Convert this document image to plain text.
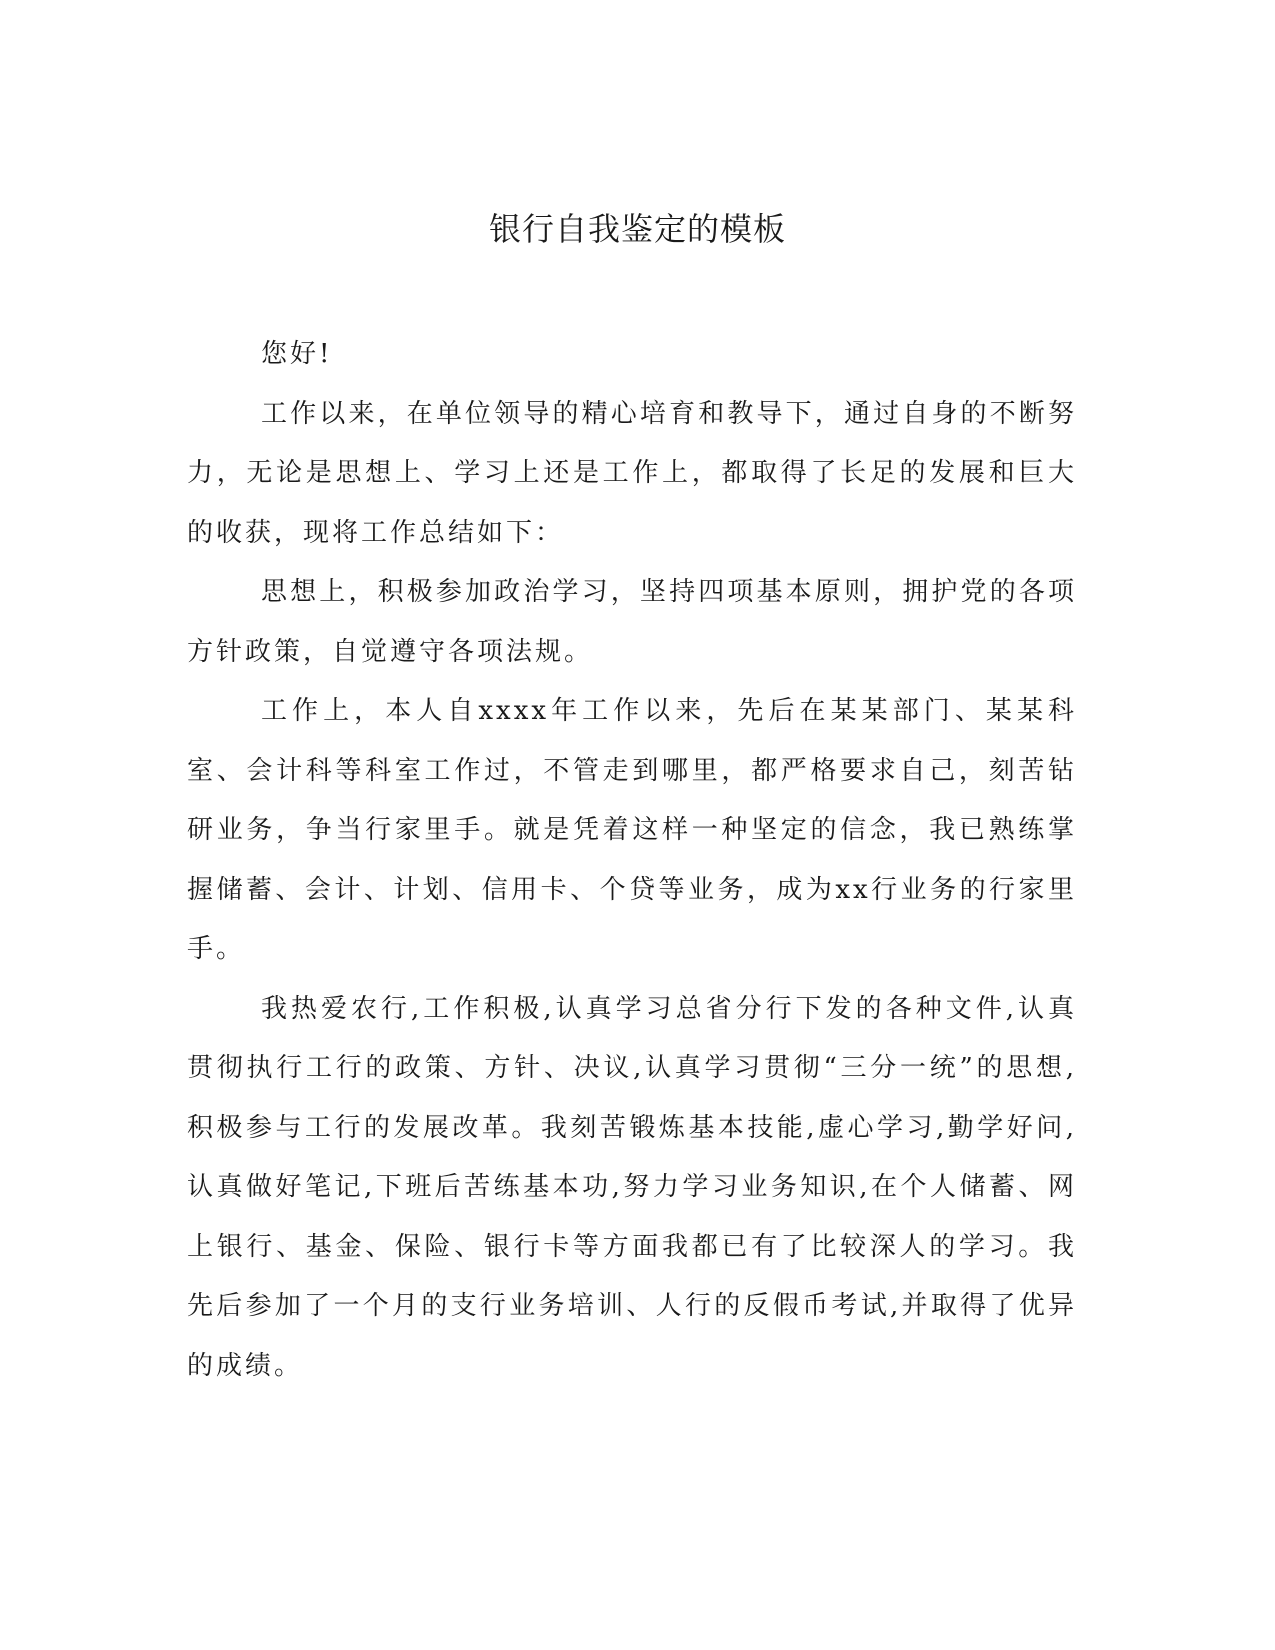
银行自我鉴定的模板

您好!

工作以来，在单位领导的精心培育和教导下，通过自身的不断努力，无论是思想上、学习上还是工作上，都取得了长足的发展和巨大的收获，现将工作总结如下：

思想上，积极参加政治学习，坚持四项基本原则，拥护党的各项方针政策，自觉遵守各项法规。

工作上，本人自xxxx年工作以来，先后在某某部门、某某科室、会计科等科室工作过，不管走到哪里，都严格要求自己，刻苦钻研业务，争当行家里手。就是凭着这样一种坚定的信念，我已熟练掌握储蓄、会计、计划、信用卡、个贷等业务，成为xx行业务的行家里手。

我热爱农行,工作积极,认真学习总省分行下发的各种文件,认真贯彻执行工行的政策、方针、决议,认真学习贯彻“三分一统”的思想,积极参与工行的发展改革。我刻苦锻炼基本技能,虚心学习,勤学好问,认真做好笔记,下班后苦练基本功,努力学习业务知识,在个人储蓄、网上银行、基金、保险、银行卡等方面我都已有了比较深人的学习。我先后参加了一个月的支行业务培训、人行的反假币考试,并取得了优异的成绩。
